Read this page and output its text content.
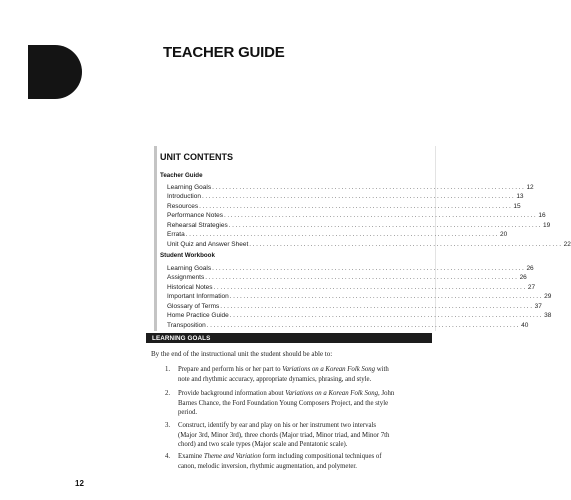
TEACHER GUIDE
UNIT CONTENTS
Teacher Guide
Learning Goals ............................................................................................ 12
Introduction ............................................................................................ 13
Resources ............................................................................................ 15
Performance Notes ............................................................................................ 16
Rehearsal Strategies ............................................................................................ 19
Errata ............................................................................................ 20
Unit Quiz and Answer Sheet ............................................................................................ 22
Student Workbook
Learning Goals ............................................................................................ 26
Assignments ............................................................................................ 26
Historical Notes ............................................................................................ 27
Important Information ............................................................................................ 29
Glossary of Terms ............................................................................................ 37
Home Practice Guide ............................................................................................ 38
Transposition ............................................................................................ 40
LEARNING GOALS
By the end of the instructional unit the student should be able to:
1.	Prepare and perform his or her part to Variations on a Korean Folk Song with
note and rhythmic accuracy, appropriate dynamics, phrasing, and style.
2.	Provide background information about Variations on a Korean Folk Song, John
Barnes Chance, the Ford Foundation Young Composers Project, and the style
period.
3.	Construct, identify by ear and play on his or her instrument two intervals
(Major 3rd, Minor 3rd), three chords (Major triad, Minor triad, and Minor 7th
chord) and two scale types (Major scale and Pentatonic scale).
4.	Examine Theme and Variation form including compositional techniques of
canon, melodic inversion, rhythmic augmentation, and polymeter.
12
